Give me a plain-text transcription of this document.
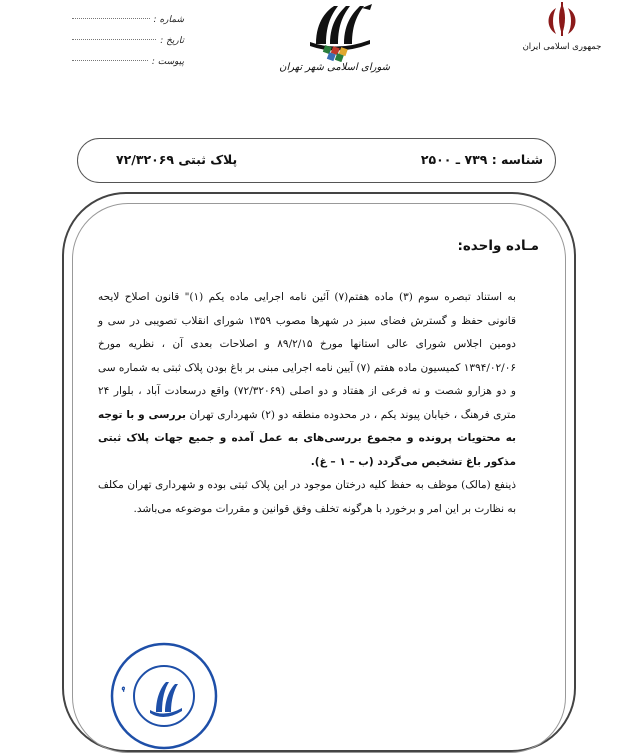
شماره :
تاریخ :
پیوست :	شورای اسلامی شهر تهران
جمهوری اسلامی ایران
پلاک ثبتی ۷۲/۳۲۰۶۹	شناسه : ۷۳۹ ـ ۲۵۰۰
مـاده واحده:

به استناد تبصره سوم (۳) ماده هفتم(۷) آئین نامه اجرایی ماده یکم (۱)" قانون اصلاح لایحه قانونی حفظ و گسترش فضای سبز در شهرها مصوب ۱۳۵۹ شورای انقلاب تصویبی در سی و دومین اجلاس شورای عالی استانها مورخ ۸۹/۲/۱۵ و اصلاحات بعدی آن ، نظریه مورخ ۱۳۹۴/۰۲/۰۶ کمیسیون ماده هفتم (۷) آیین نامه اجرایی مبنی بر باغ بودن پلاک ثبتی به شماره سی و دو هزارو شصت و نه فرعی از هفتاد و دو اصلی (۷۲/۳۲۰۶۹) واقع درسعادت آباد ، بلوار ۲۴ متری فرهنگ ، خیابان پیوند یکم ، در محدوده منطقه دو (۲) شهرداری تهران بررسی و با توجه به محتویات پرونده و مجموع بررسی‌های به عمل آمده و جمیع جهات پلاک ثبتی مذکور باغ تشخیص می‌گردد (ب – ۱ – غ).

ذینفع (مالک) موظف به حفظ کلیه درختان موجود در این پلاک ثبتی بوده و شهرداری تهران مکلف به نظارت بر این امر و برخورد با هرگونه تخلف وفق قوانین و مقررات موضوعه می‌باشد.

م
